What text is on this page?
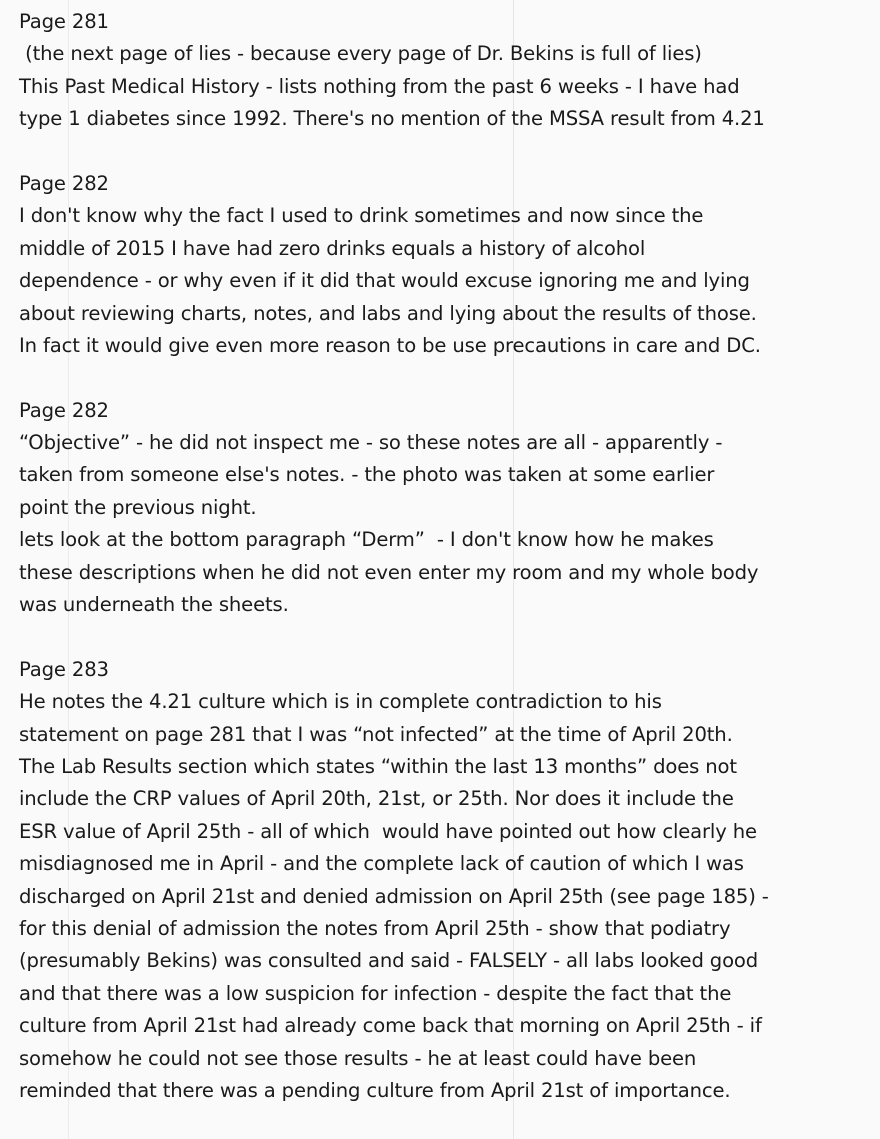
Page 281
(the next page of lies - because every page of Dr. Bekins is full of lies)
This Past Medical History - lists nothing from the past 6 weeks - I have had
type 1 diabetes since 1992. There's no mention of the MSSA result from 4.21
Page 282
I don't know why the fact I used to drink sometimes and now since the
middle of 2015 I have had zero drinks equals a history of alcohol
dependence - or why even if it did that would excuse ignoring me and lying
about reviewing charts, notes, and labs and lying about the results of those.
In fact it would give even more reason to be use precautions in care and DC.
Page 282
“Objective” - he did not inspect me - so these notes are all - apparently -
taken from someone else's notes. - the photo was taken at some earlier
point the previous night.
lets look at the bottom paragraph “Derm”  - I don't know how he makes
these descriptions when he did not even enter my room and my whole body
was underneath the sheets.
Page 283
He notes the 4.21 culture which is in complete contradiction to his
statement on page 281 that I was “not infected” at the time of April 20th.
The Lab Results section which states “within the last 13 months” does not
include the CRP values of April 20th, 21st, or 25th. Nor does it include the
ESR value of April 25th - all of which  would have pointed out how clearly he
misdiagnosed me in April - and the complete lack of caution of which I was
discharged on April 21st and denied admission on April 25th (see page 185) -
for this denial of admission the notes from April 25th - show that podiatry
(presumably Bekins) was consulted and said - FALSELY - all labs looked good
and that there was a low suspicion for infection - despite the fact that the
culture from April 21st had already come back that morning on April 25th - if
somehow he could not see those results - he at least could have been
reminded that there was a pending culture from April 21st of importance.
